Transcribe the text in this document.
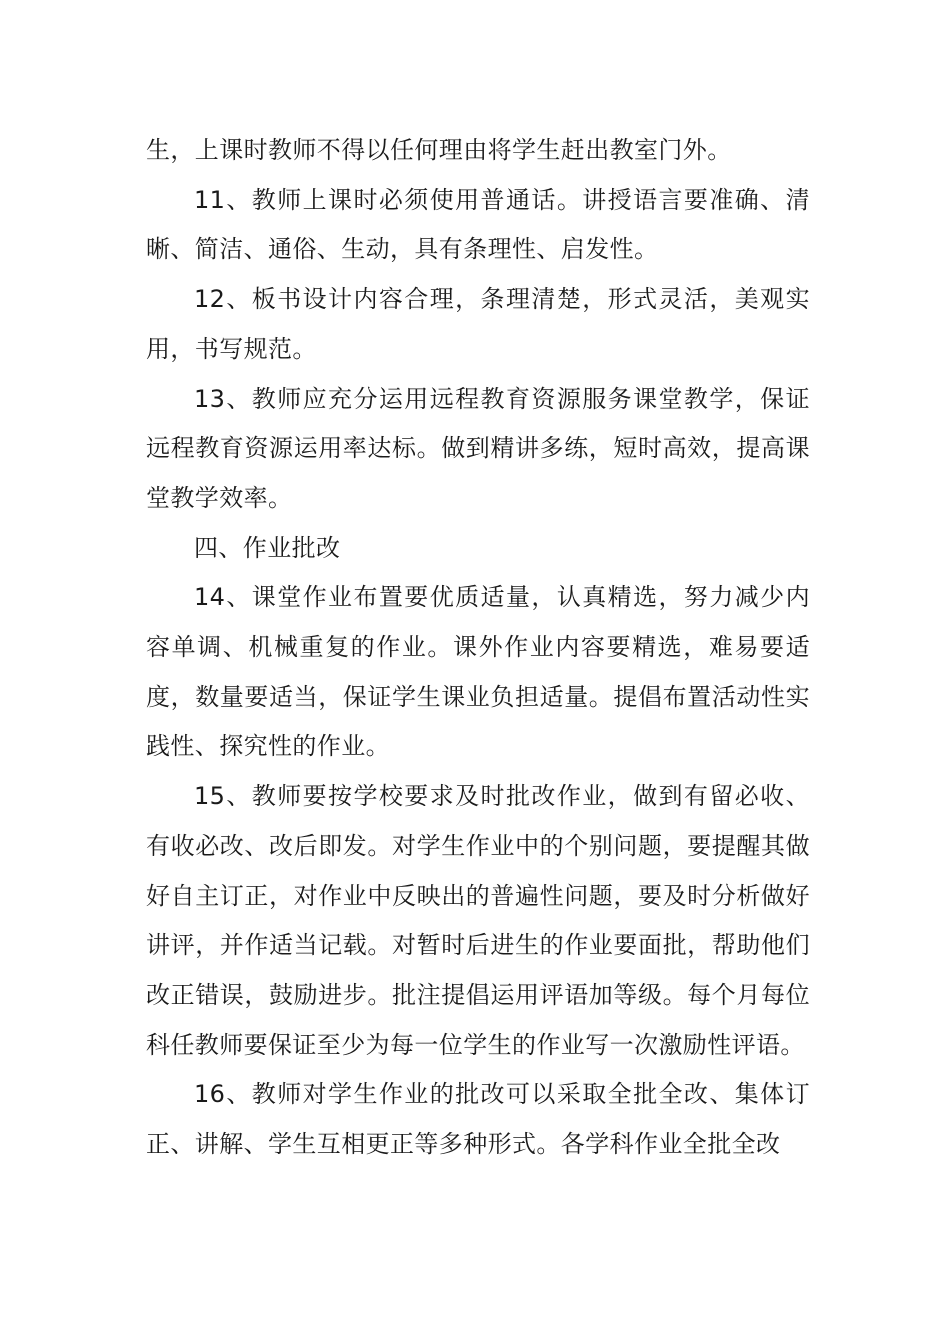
生，上课时教师不得以任何理由将学生赶出教室门外。

11、教师上课时必须使用普通话。讲授语言要准确、清晰、简洁、通俗、生动，具有条理性、启发性。

12、板书设计内容合理，条理清楚，形式灵活，美观实用，书写规范。

13、教师应充分运用远程教育资源服务课堂教学，保证远程教育资源运用率达标。做到精讲多练，短时高效，提高课堂教学效率。

四、作业批改

14、课堂作业布置要优质适量，认真精选，努力减少内容单调、机械重复的作业。课外作业内容要精选，难易要适度，数量要适当，保证学生课业负担适量。提倡布置活动性实践性、探究性的作业。

15、教师要按学校要求及时批改作业，做到有留必收、有收必改、改后即发。对学生作业中的个别问题，要提醒其做好自主订正，对作业中反映出的普遍性问题，要及时分析做好讲评，并作适当记载。对暂时后进生的作业要面批，帮助他们改正错误，鼓励进步。批注提倡运用评语加等级。每个月每位科任教师要保证至少为每一位学生的作业写一次激励性评语。

16、教师对学生作业的批改可以采取全批全改、集体订正、讲解、学生互相更正等多种形式。各学科作业全批全改
